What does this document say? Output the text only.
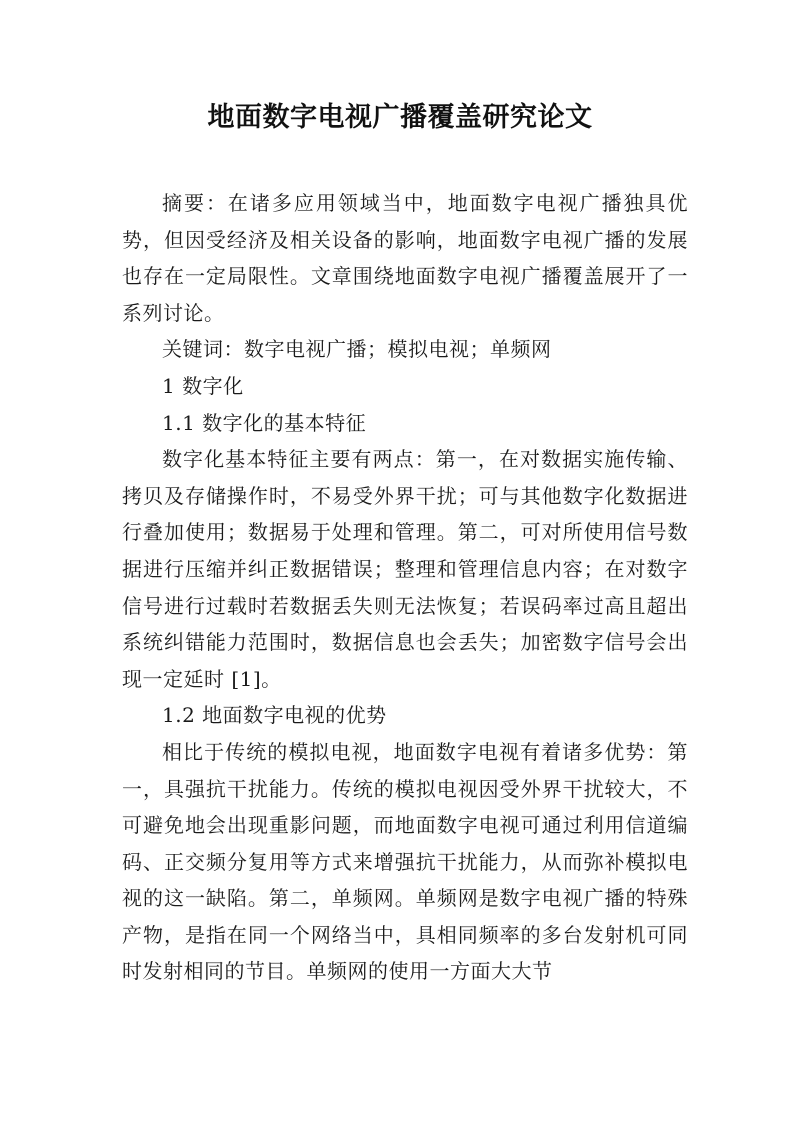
地面数字电视广播覆盖研究论文

摘要：在诸多应用领域当中，地面数字电视广播独具优势，但因受经济及相关设备的影响，地面数字电视广播的发展也存在一定局限性。文章围绕地面数字电视广播覆盖展开了一系列讨论。

关键词：数字电视广播；模拟电视；单频网

1 数字化

1.1 数字化的基本特征

数字化基本特征主要有两点：第一，在对数据实施传输、拷贝及存储操作时，不易受外界干扰；可与其他数字化数据进行叠加使用；数据易于处理和管理。第二，可对所使用信号数据进行压缩并纠正数据错误；整理和管理信息内容；在对数字信号进行过载时若数据丢失则无法恢复；若误码率过高且超出系统纠错能力范围时，数据信息也会丢失；加密数字信号会出现一定延时 [1]。

1.2 地面数字电视的优势

相比于传统的模拟电视，地面数字电视有着诸多优势：第一，具强抗干扰能力。传统的模拟电视因受外界干扰较大，不可避免地会出现重影问题，而地面数字电视可通过利用信道编码、正交频分复用等方式来增强抗干扰能力，从而弥补模拟电视的这一缺陷。第二，单频网。单频网是数字电视广播的特殊产物，是指在同一个网络当中，具相同频率的多台发射机可同时发射相同的节目。单频网的使用一方面大大节
